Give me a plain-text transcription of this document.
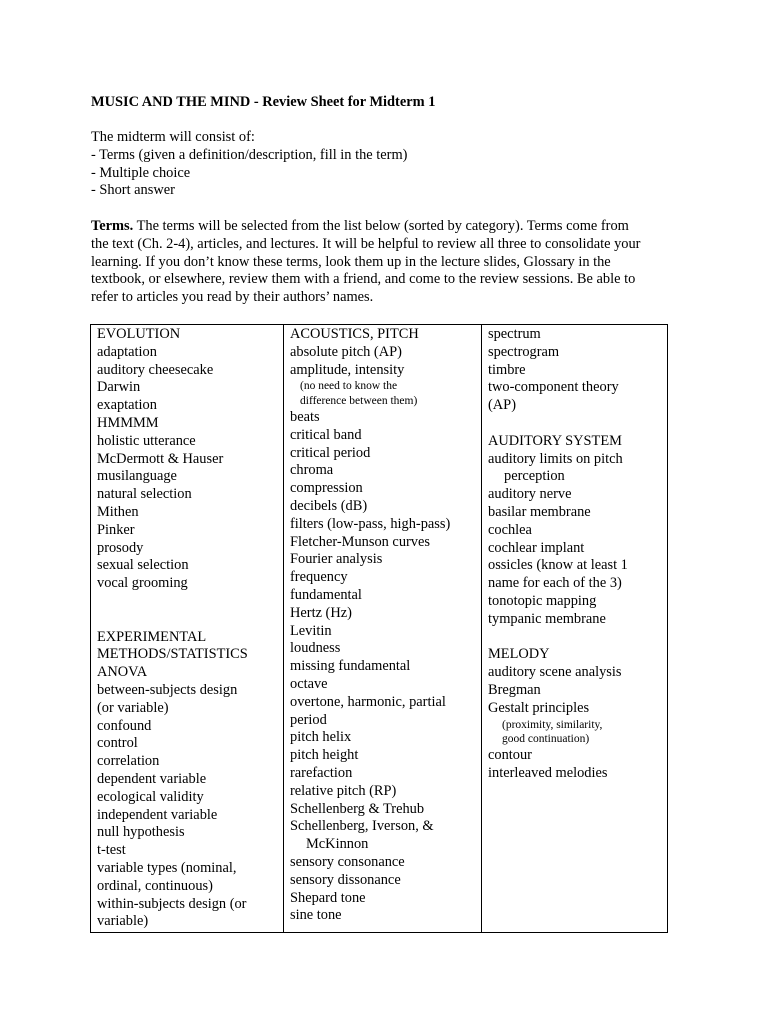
MUSIC AND THE MIND - Review Sheet for Midterm 1
The midterm will consist of:
- Terms (given a definition/description, fill in the term)
- Multiple choice
- Short answer
Terms. The terms will be selected from the list below (sorted by category). Terms come from
the text (Ch. 2-4), articles, and lectures. It will be helpful to review all three to consolidate your
learning. If you don’t know these terms, look them up in the lecture slides, Glossary in the
textbook, or elsewhere, review them with a friend, and come to the review sessions. Be able to
refer to articles you read by their authors’ names.
EVOLUTION
adaptation
auditory cheesecake
Darwin
exaptation
HMMMM
holistic utterance
McDermott & Hauser
musilanguage
natural selection
Mithen
Pinker
prosody
sexual selection
vocal grooming
EXPERIMENTAL
METHODS/STATISTICS
ANOVA
between-subjects design
(or variable)
confound
control
correlation
dependent variable
ecological validity
independent variable
null hypothesis
t-test
variable types (nominal,
ordinal, continuous)
within-subjects design (or
variable)

ACOUSTICS, PITCH
absolute pitch (AP)
amplitude, intensity
(no need to know the
difference between them)
beats
critical band
critical period
chroma
compression
decibels (dB)
filters (low-pass, high-pass)
Fletcher-Munson curves
Fourier analysis
frequency
fundamental
Hertz (Hz)
Levitin
loudness
missing fundamental
octave
overtone, harmonic, partial
period
pitch helix
pitch height
rarefaction
relative pitch (RP)
Schellenberg & Trehub
Schellenberg, Iverson, &
McKinnon
sensory consonance
sensory dissonance
Shepard tone
sine tone

spectrum
spectrogram
timbre
two-component theory
(AP)
AUDITORY SYSTEM
auditory limits on pitch
perception
auditory nerve
basilar membrane
cochlea
cochlear implant
ossicles (know at least 1
name for each of the 3)
tonotopic mapping
tympanic membrane
MELODY
auditory scene analysis
Bregman
Gestalt principles
(proximity, similarity,
good continuation)
contour
interleaved melodies
